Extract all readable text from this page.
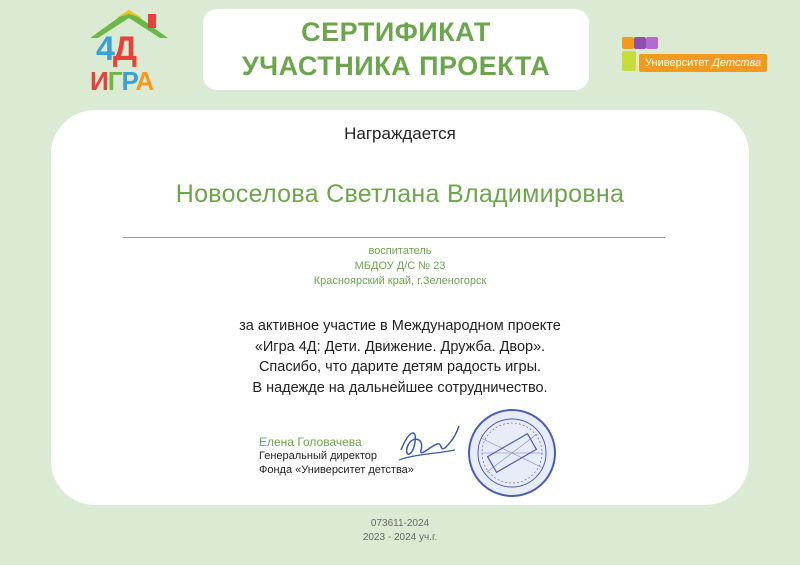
4Д
ИГРА
СЕРТИФИКАТ
УЧАСТНИКА ПРОЕКТА	Университет Детства
Награждается
Новоселова Светлана Владимировна
воспитатель
МБДОУ Д/С № 23
Красноярский край, г.Зеленогорск
за активное участие в Международном проекте
«Игра 4Д: Дети. Движение. Дружба. Двор».
Спасибо, что дарите детям радость игры.
В надежде на дальнейшее сотрудничество.
Елена Головачева
Генеральный директор
Фонда «Университет детства»
073611-2024
2023 - 2024 уч.г.
